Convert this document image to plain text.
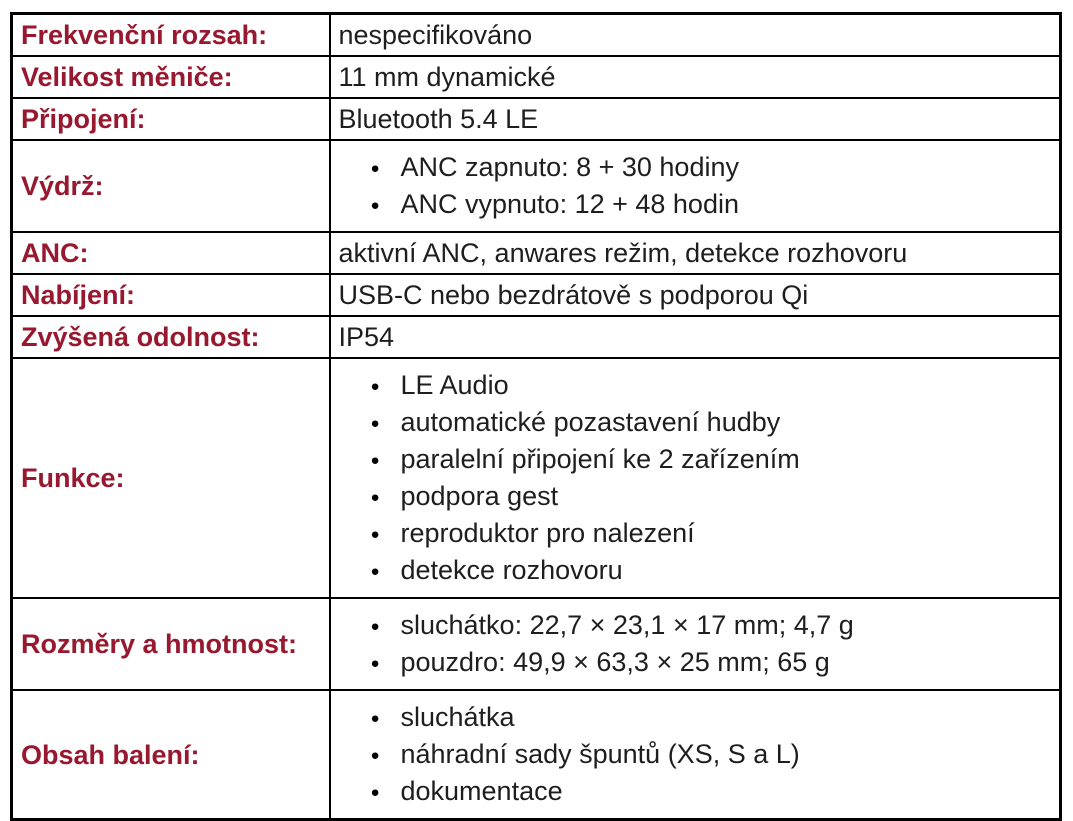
Frekvenční rozsah:	nespecifikováno
Velikost měniče:	11 mm dynamické
Připojení:	Bluetooth 5.4 LE
Výdrž:	
● ANC zapnuto: 8 + 30 hodiny
● ANC vypnuto: 12 + 48 hodin

ANC:	aktivní ANC, anwares režim, detekce rozhovoru
Nabíjení:	USB-C nebo bezdrátově s podporou Qi
Zvýšená odolnost:	IP54
Funkce:	
● LE Audio
● automatické pozastavení hudby
● paralelní připojení ke 2 zařízením
● podpora gest
● reproduktor pro nalezení
● detekce rozhovoru

Rozměry a hmotnost:	
● sluchátko: 22,7 × 23,1 × 17 mm; 4,7 g
● pouzdro: 49,9 × 63,3 × 25 mm; 65 g

Obsah balení:	
● sluchátka
● náhradní sady špuntů (XS, S a L)
● dokumentace
